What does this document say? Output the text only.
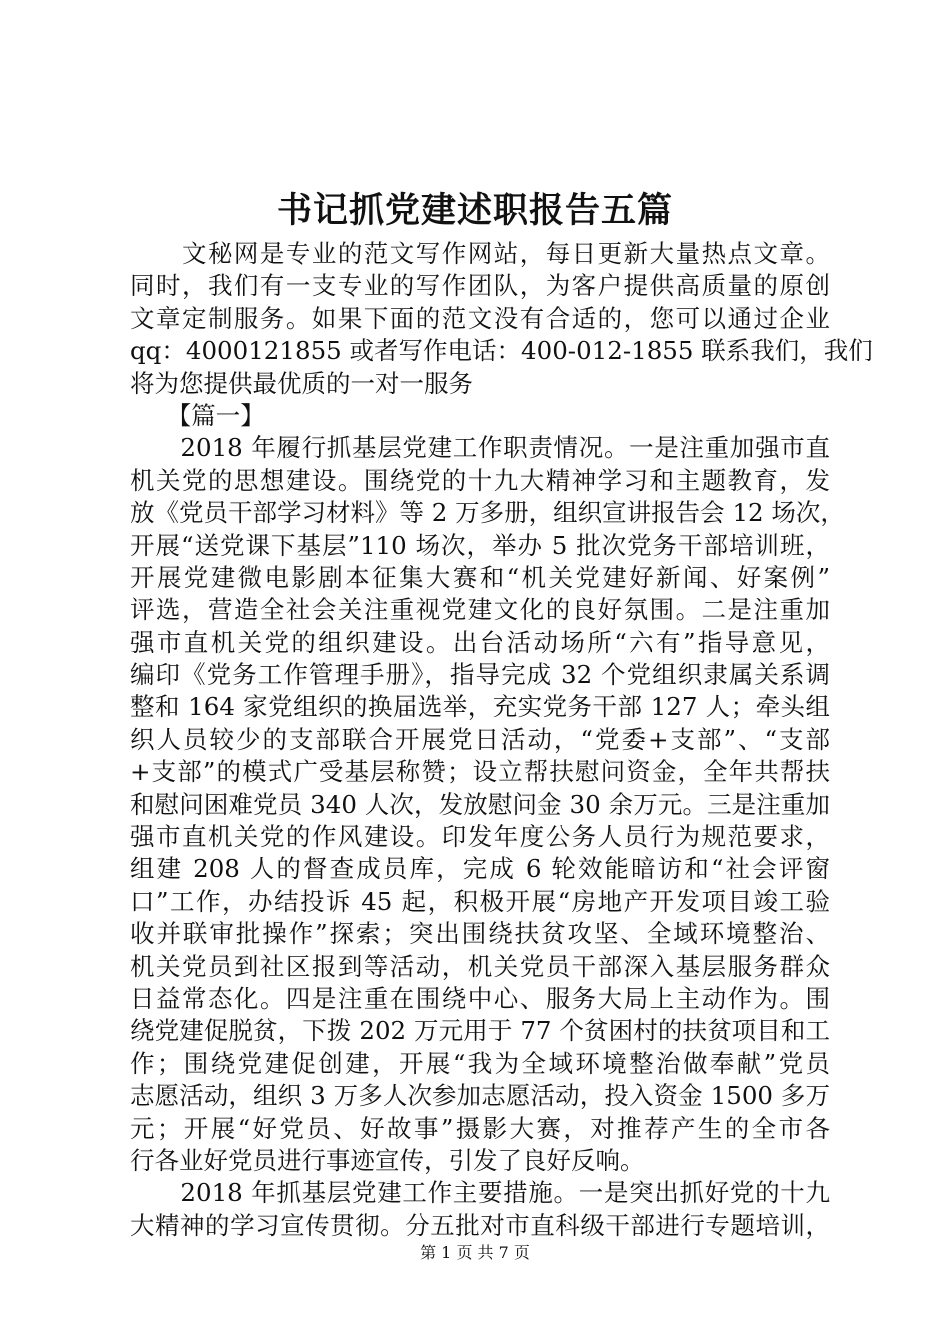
书记抓党建述职报告五篇
　　文秘网是专业的范文写作网站，每日更新大量热点文章。
同时，我们有一支专业的写作团队，为客户提供高质量的原创
文章定制服务。如果下面的范文没有合适的，您可以通过企业
qq：4000121855 或者写作电话：400-012-1855 联系我们，我们
将为您提供最优质的一对一服务
　　【篇一】
　　2018 年履行抓基层党建工作职责情况。一是注重加强市直
机关党的思想建设。围绕党的十九大精神学习和主题教育，发
放《党员干部学习材料》等 2 万多册，组织宣讲报告会 12 场次，
开展“送党课下基层”110 场次，举办 5 批次党务干部培训班，
开展党建微电影剧本征集大赛和“机关党建好新闻、好案例”
评选，营造全社会关注重视党建文化的良好氛围。二是注重加
强市直机关党的组织建设。出台活动场所“六有”指导意见，
编印《党务工作管理手册》，指导完成 32 个党组织隶属关系调
整和 164 家党组织的换届选举，充实党务干部 127 人；牵头组
织人员较少的支部联合开展党日活动，“党委+支部”、“支部
+支部”的模式广受基层称赞；设立帮扶慰问资金，全年共帮扶
和慰问困难党员 340 人次，发放慰问金 30 余万元。三是注重加
强市直机关党的作风建设。印发年度公务人员行为规范要求，
组建 208 人的督查成员库，完成 6 轮效能暗访和“社会评窗
口”工作，办结投诉 45 起，积极开展“房地产开发项目竣工验
收并联审批操作”探索；突出围绕扶贫攻坚、全域环境整治、
机关党员到社区报到等活动，机关党员干部深入基层服务群众
日益常态化。四是注重在围绕中心、服务大局上主动作为。围
绕党建促脱贫，下拨 202 万元用于 77 个贫困村的扶贫项目和工
作；围绕党建促创建，开展“我为全域环境整治做奉献”党员
志愿活动，组织 3 万多人次参加志愿活动，投入资金 1500 多万
元；开展“好党员、好故事”摄影大赛，对推荐产生的全市各
行各业好党员进行事迹宣传，引发了良好反响。
　　2018 年抓基层党建工作主要措施。一是突出抓好党的十九
大精神的学习宣传贯彻。分五批对市直科级干部进行专题培训，
第 1 页 共 7 页
